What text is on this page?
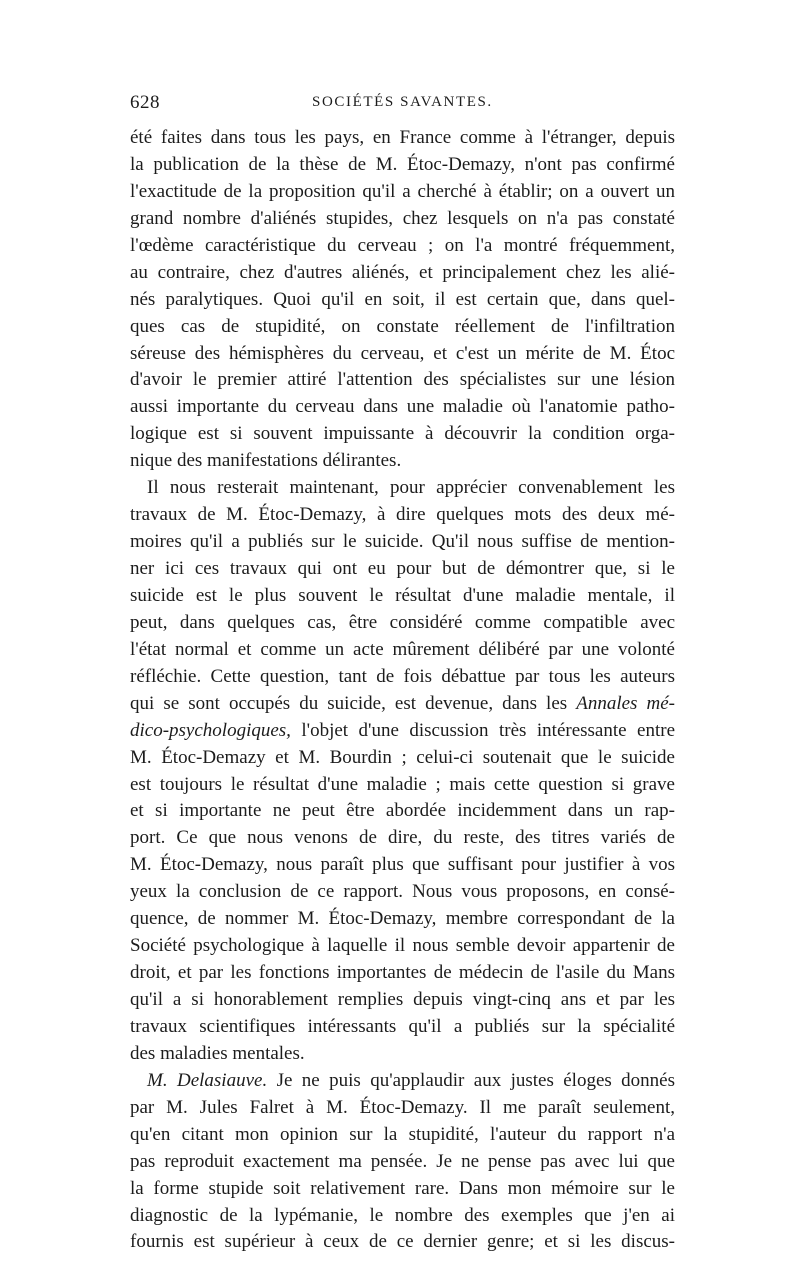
628	SOCIÉTÉS SAVANTES.
été faites dans tous les pays, en France comme à l'étranger, depuis
la publication de la thèse de M. Étoc-Demazy, n'ont pas confirmé
l'exactitude de la proposition qu'il a cherché à établir; on a ouvert un
grand nombre d'aliénés stupides, chez lesquels on n'a pas constaté
l'œdème caractéristique du cerveau ; on l'a montré fréquemment,
au contraire, chez d'autres aliénés, et principalement chez les alié-
nés paralytiques. Quoi qu'il en soit, il est certain que, dans quel-
ques cas de stupidité, on constate réellement de l'infiltration
séreuse des hémisphères du cerveau, et c'est un mérite de M. Étoc
d'avoir le premier attiré l'attention des spécialistes sur une lésion
aussi importante du cerveau dans une maladie où l'anatomie patho-
logique est si souvent impuissante à découvrir la condition orga-
nique des manifestations délirantes.
Il nous resterait maintenant, pour apprécier convenablement les
travaux de M. Étoc-Demazy, à dire quelques mots des deux mé-
moires qu'il a publiés sur le suicide. Qu'il nous suffise de mention-
ner ici ces travaux qui ont eu pour but de démontrer que, si le
suicide est le plus souvent le résultat d'une maladie mentale, il
peut, dans quelques cas, être considéré comme compatible avec
l'état normal et comme un acte mûrement délibéré par une volonté
réfléchie. Cette question, tant de fois débattue par tous les auteurs
qui se sont occupés du suicide, est devenue, dans les Annales mé-
dico-psychologiques, l'objet d'une discussion très intéressante entre
M. Étoc-Demazy et M. Bourdin ; celui-ci soutenait que le suicide
est toujours le résultat d'une maladie ; mais cette question si grave
et si importante ne peut être abordée incidemment dans un rap-
port. Ce que nous venons de dire, du reste, des titres variés de
M. Étoc-Demazy, nous paraît plus que suffisant pour justifier à vos
yeux la conclusion de ce rapport. Nous vous proposons, en consé-
quence, de nommer M. Étoc-Demazy, membre correspondant de la
Société psychologique à laquelle il nous semble devoir appartenir de
droit, et par les fonctions importantes de médecin de l'asile du Mans
qu'il a si honorablement remplies depuis vingt-cinq ans et par les
travaux scientifiques intéressants qu'il a publiés sur la spécialité
des maladies mentales.
M. Delasiauve. Je ne puis qu'applaudir aux justes éloges donnés
par M. Jules Falret à M. Étoc-Demazy. Il me paraît seulement,
qu'en citant mon opinion sur la stupidité, l'auteur du rapport n'a
pas reproduit exactement ma pensée. Je ne pense pas avec lui que
la forme stupide soit relativement rare. Dans mon mémoire sur le
diagnostic de la lypémanie, le nombre des exemples que j'en ai
fournis est supérieur à ceux de ce dernier genre; et si les discus-
